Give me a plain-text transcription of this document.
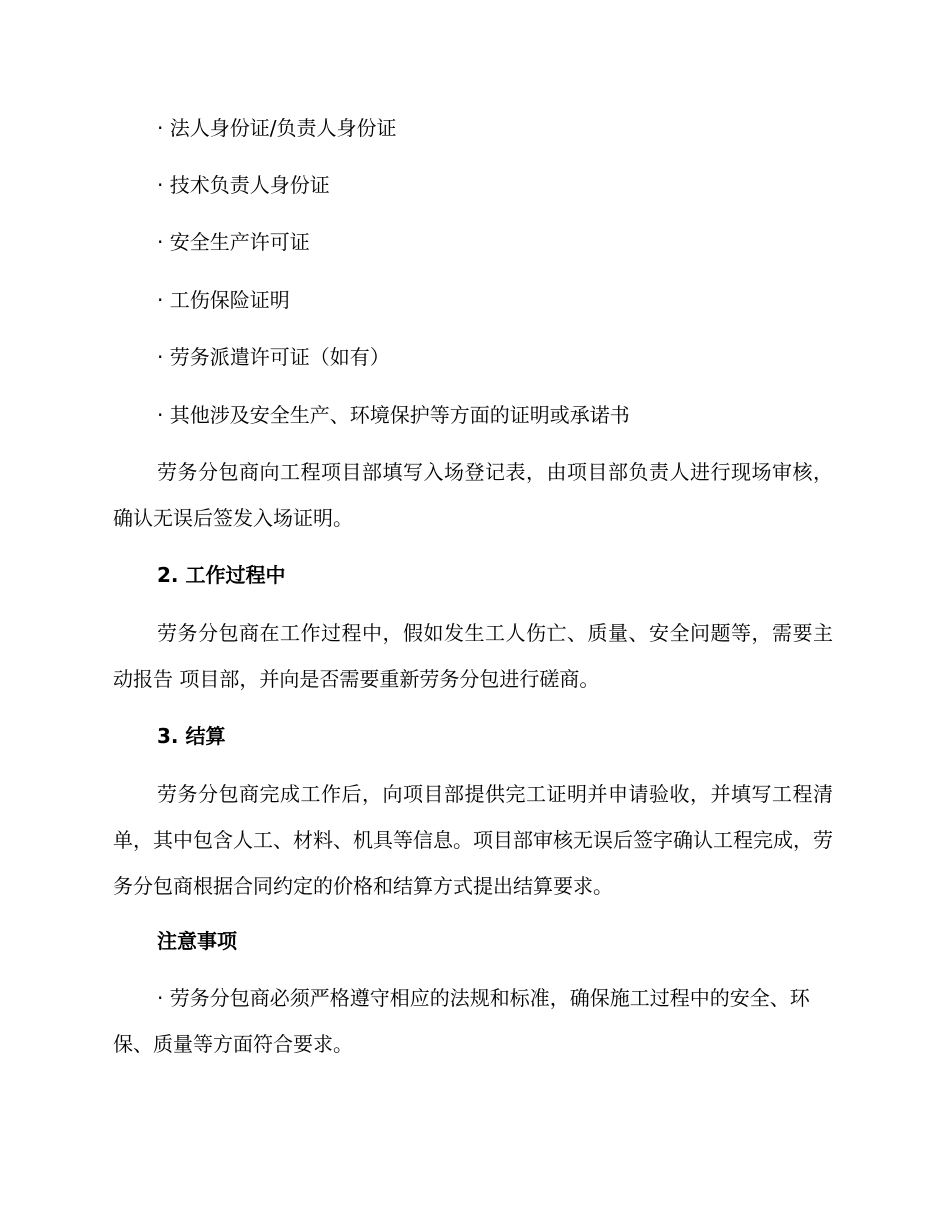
· 法人身份证/负责人身份证
· 技术负责人身份证
· 安全生产许可证
· 工伤保险证明
· 劳务派遣许可证（如有）
· 其他涉及安全生产、环境保护等方面的证明或承诺书
劳务分包商向工程项目部填写入场登记表，由项目部负责人进行现场审核，确认无误后签发入场证明。
2. 工作过程中
劳务分包商在工作过程中，假如发生工人伤亡、质量、安全问题等，需要主动报告 项目部，并向是否需要重新劳务分包进行磋商。
3. 结算
劳务分包商完成工作后，向项目部提供完工证明并申请验收，并填写工程清单，其中包含人工、材料、机具等信息。项目部审核无误后签字确认工程完成，劳务分包商根据合同约定的价格和结算方式提出结算要求。
注意事项
· 劳务分包商必须严格遵守相应的法规和标准，确保施工过程中的安全、环保、质量等方面符合要求。
